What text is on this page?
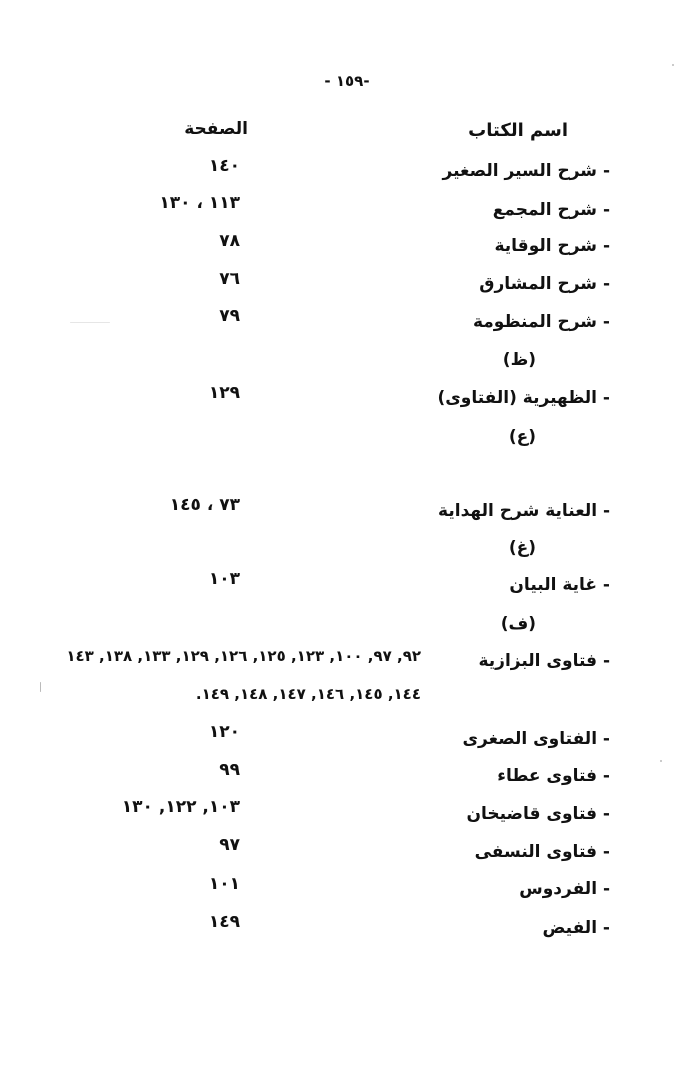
-١٥٩ -
اسم الكتاب
الصفحة
- شرح السير الصغير
١٤٠
- شرح المجمع
١١٣ ، ١٣٠
- شرح الوقاية
٧٨
- شرح المشارق
٧٦
- شرح المنظومة
٧٩
(ظ)
- الظهيرية (الفتاوى)
١٢٩
(ع)
- العناية شرح الهداية
٧٣ ، ١٤٥
(غ)
- غاية البيان
١٠٣
(ف)
- فتاوى البزازية
٩٢, ٩٧, ١٠٠, ١٢٣, ١٢٥, ١٢٦, ١٢٩, ١٣٣, ١٣٨, ١٤٣
١٤٤, ١٤٥, ١٤٦, ١٤٧, ١٤٨, ١٤٩.
- الفتاوى الصغرى
١٢٠
- فتاوى عطاء
٩٩
- فتاوى قاضيخان
١٠٣, ١٢٢, ١٣٠
- فتاوى النسفى
٩٧
- الفردوس
١٠١
- الفيض
١٤٩
